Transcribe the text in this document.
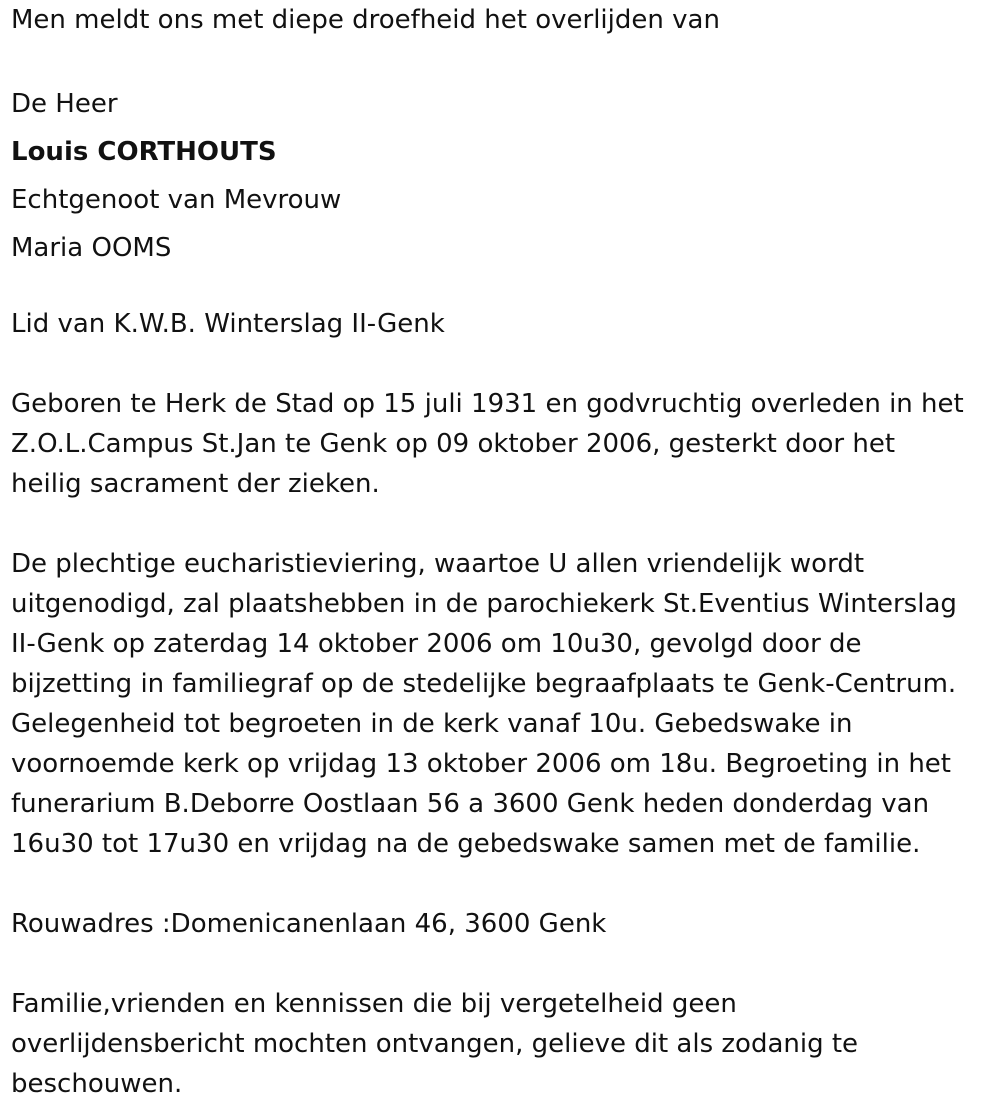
Men meldt ons met diepe droefheid het overlijden van
De Heer
Louis CORTHOUTS
Echtgenoot van Mevrouw
Maria OOMS
Lid van K.W.B. Winterslag II-Genk
Geboren te Herk de Stad op 15 juli 1931 en godvruchtig overleden in het
Z.O.L.Campus St.Jan te Genk op 09 oktober 2006, gesterkt door het
heilig sacrament der zieken.
De plechtige eucharistieviering, waartoe U allen vriendelijk wordt
uitgenodigd, zal plaatshebben in de parochiekerk St.Eventius Winterslag
II-Genk op zaterdag 14 oktober 2006 om 10u30, gevolgd door de
bijzetting in familiegraf op de stedelijke begraafplaats te Genk-Centrum.
Gelegenheid tot begroeten in de kerk vanaf 10u. Gebedswake in
voornoemde kerk op vrijdag 13 oktober 2006 om 18u. Begroeting in het
funerarium B.Deborre Oostlaan 56 a 3600 Genk heden donderdag van
16u30 tot 17u30 en vrijdag na de gebedswake samen met de familie.
Rouwadres :Domenicanenlaan 46, 3600 Genk
Familie,vrienden en kennissen die bij vergetelheid geen
overlijdensbericht mochten ontvangen, gelieve dit als zodanig te
beschouwen.
